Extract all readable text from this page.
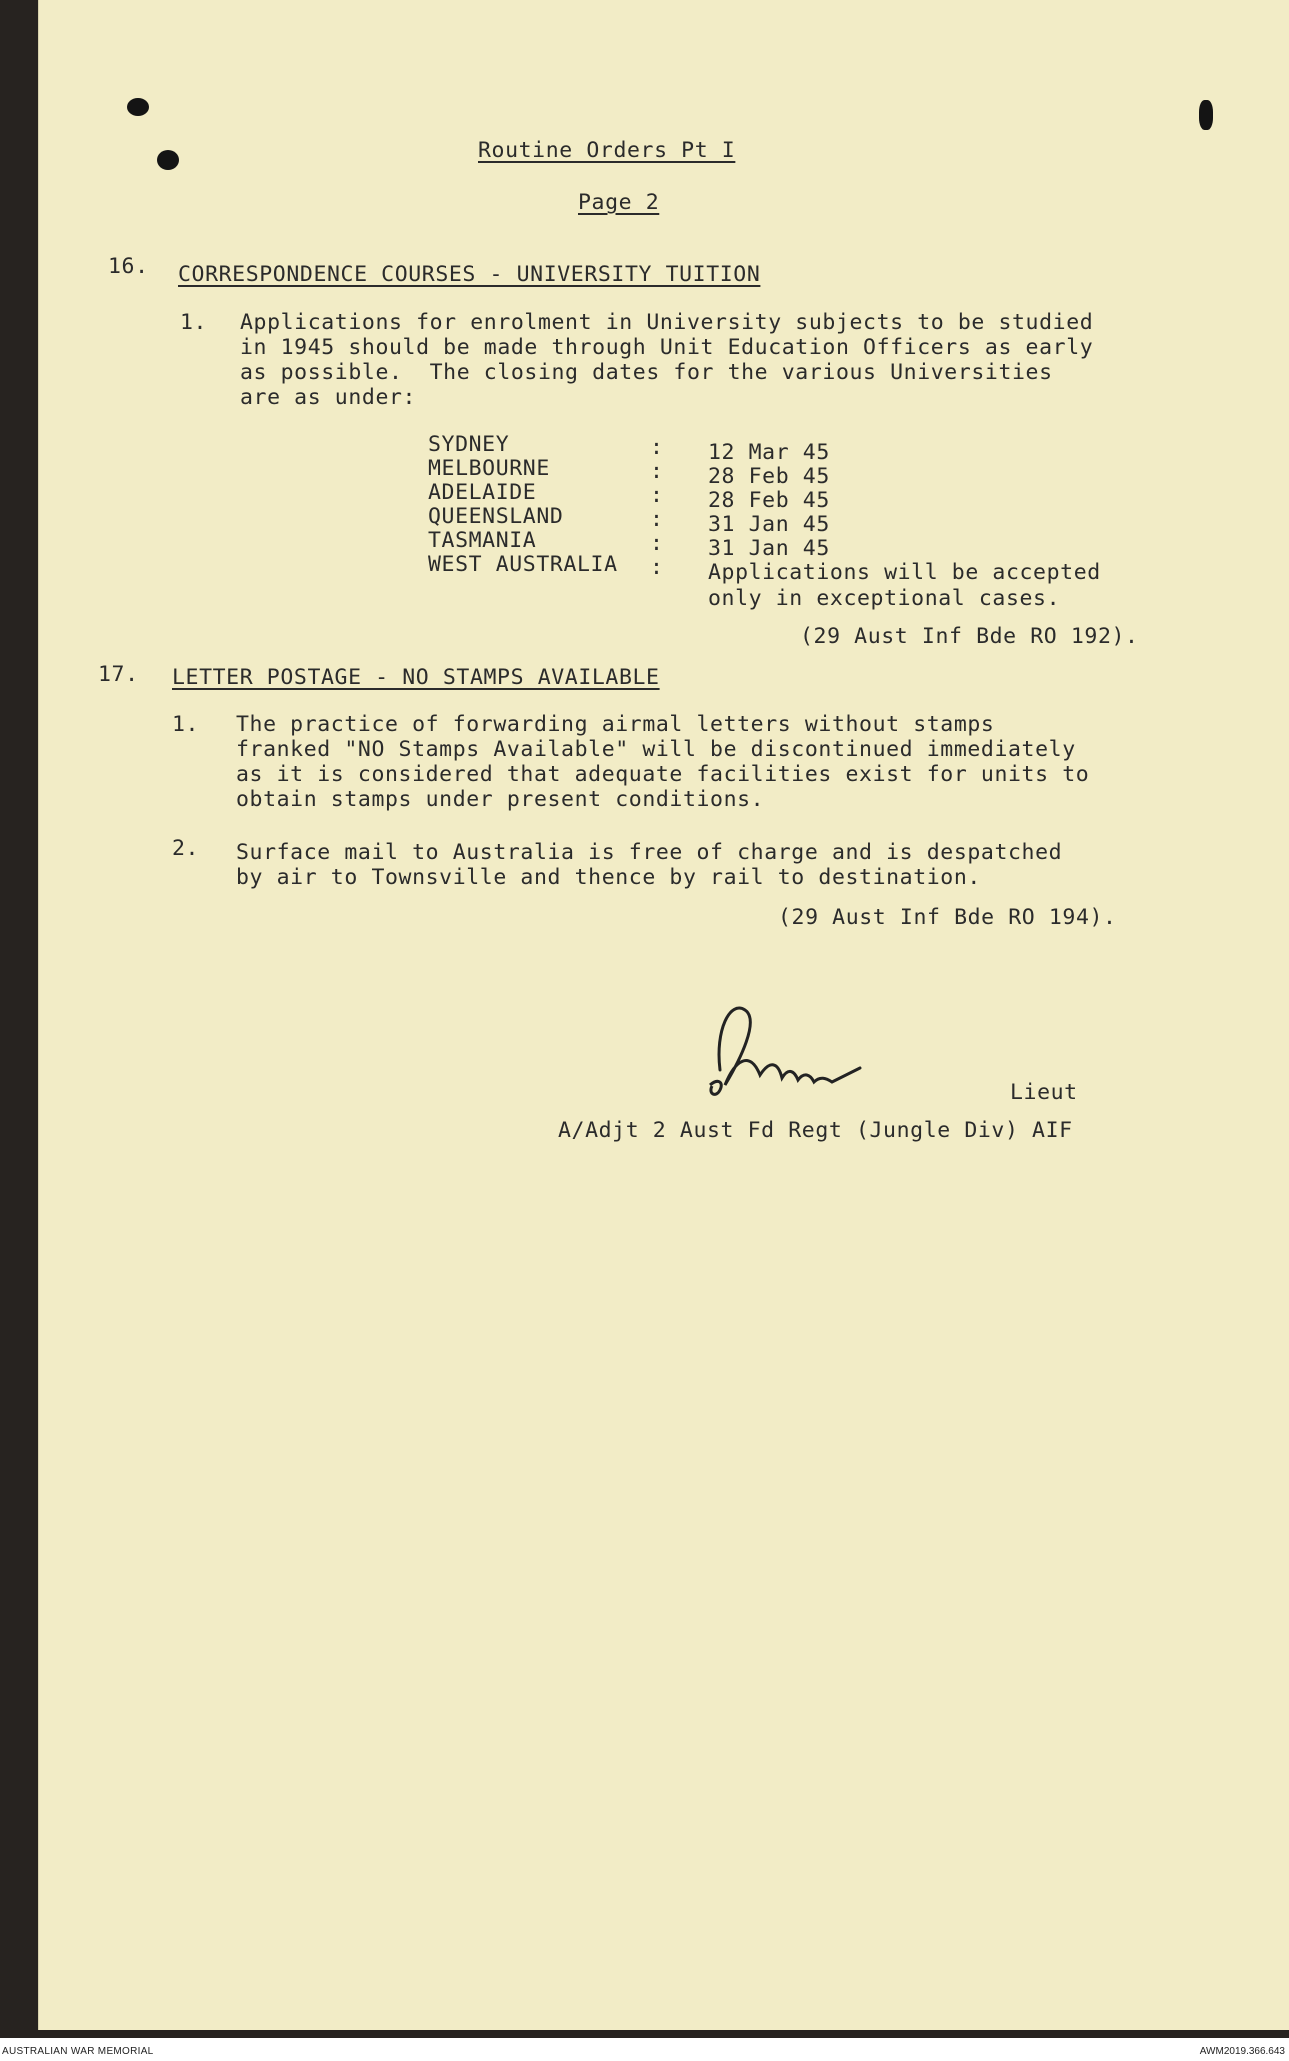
Routine Orders Pt I
Page 2
16. CORRESPONDENCE COURSES - UNIVERSITY TUITION
1. Applications for enrolment in University subjects to be studied
in 1945 should be made through Unit Education Officers as early
as possible.  The closing dates for the various Universities
are as under:
SYDNEY	: 12 Mar 45
MELBOURNE	: 28 Feb 45
ADELAIDE	: 28 Feb 45
QUEENSLAND	: 31 Jan 45
TASMANIA	: 31 Jan 45
WEST AUSTRALIA : Applications will be accepted
only in exceptional cases.
(29 Aust Inf Bde RO 192).
17. LETTER POSTAGE - NO STAMPS AVAILABLE
1. The practice of forwarding airmal letters without stamps
franked "NO Stamps Available" will be discontinued immediately
as it is considered that adequate facilities exist for units to
obtain stamps under present conditions.
2. Surface mail to Australia is free of charge and is despatched
by air to Townsville and thence by rail to destination.
(29 Aust Inf Bde RO 194).
Lieut
A/Adjt 2 Aust Fd Regt (Jungle Div) AIF
AUSTRALIAN WAR MEMORIAL	AWM2019.366.643
